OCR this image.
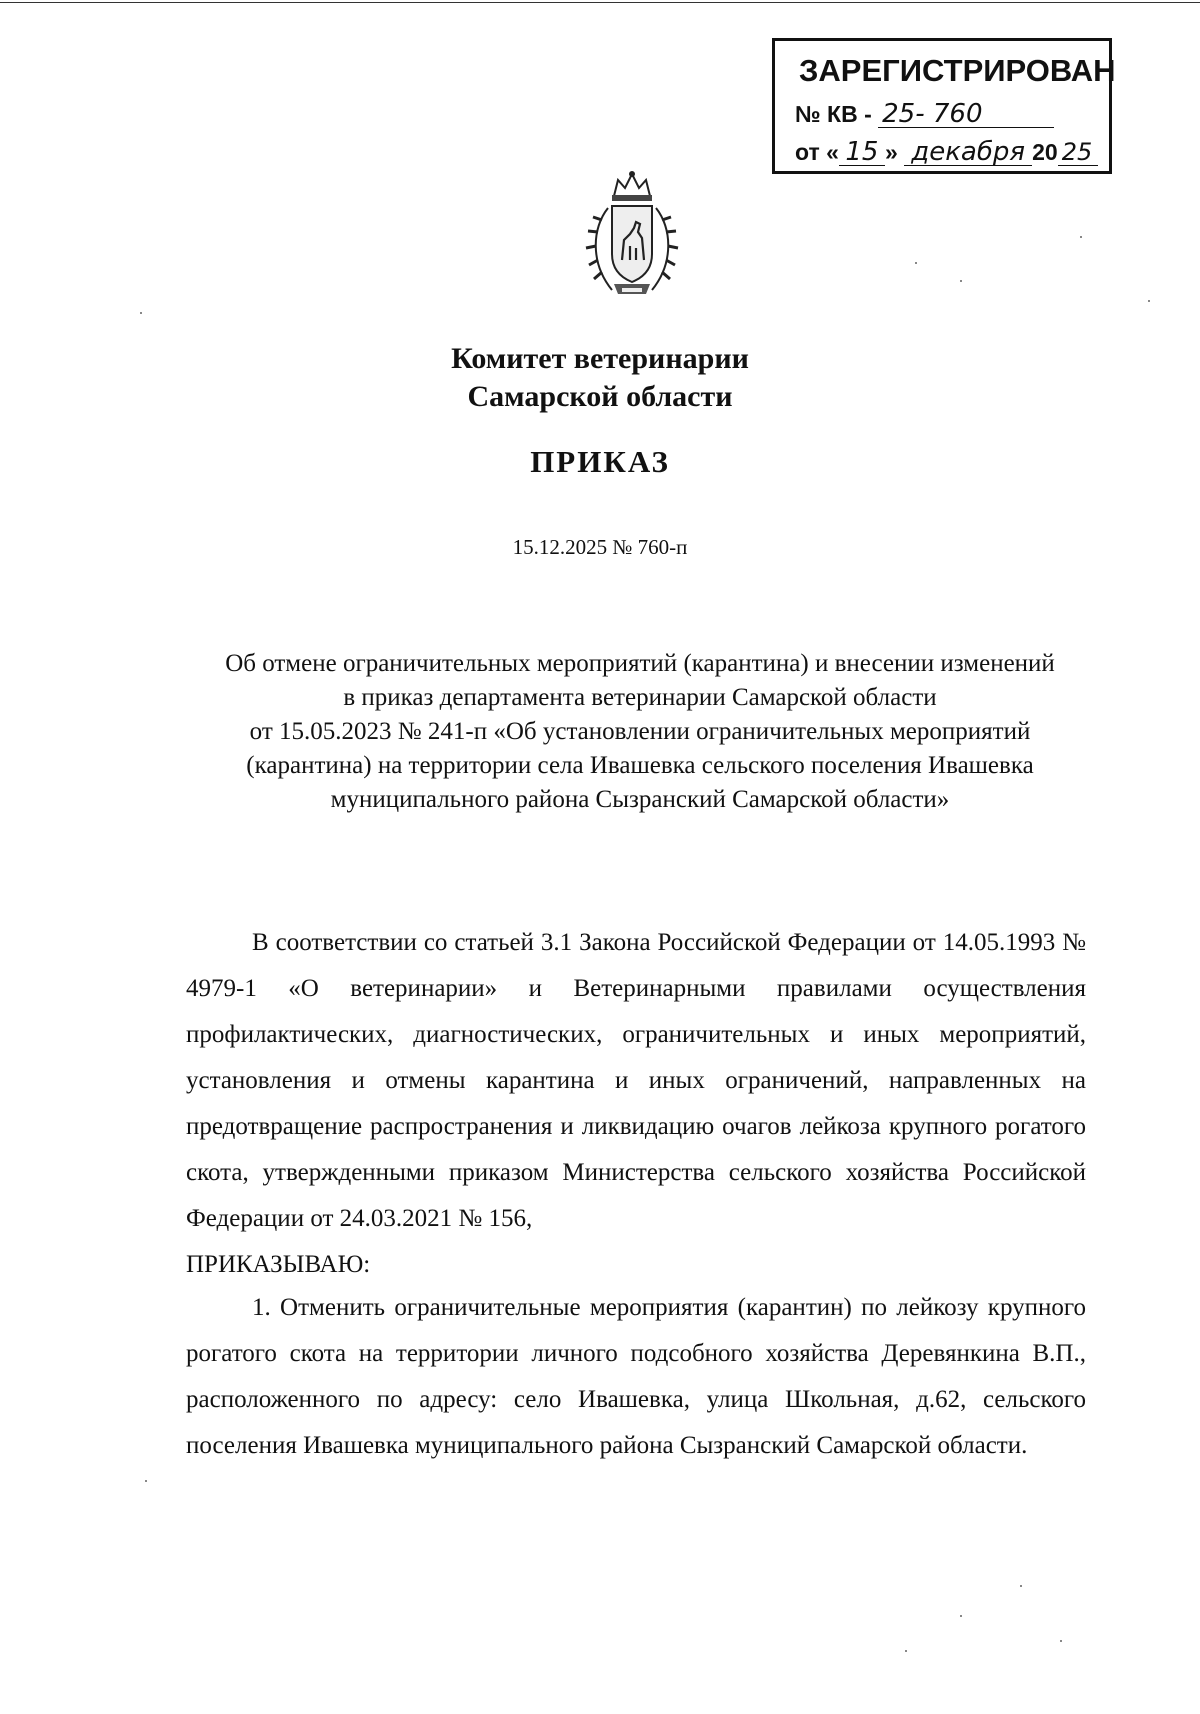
ЗАРЕГИСТРИРОВАН
№ КВ - 25- 760
от « 15 » декабря 20 25
Комитет ветеринарии
Самарской области
ПРИКАЗ
15.12.2025 № 760-п
Об отмене ограничительных мероприятий (карантина) и внесении изменений
в приказ департамента ветеринарии Самарской области
от 15.05.2023 № 241-п «Об установлении ограничительных мероприятий
(карантина) на территории села Ивашевка сельского поселения Ивашевка
муниципального района Сызранский Самарской области»
В соответствии со статьей 3.1 Закона Российской Федерации от 14.05.1993 № 4979-1 «О ветеринарии» и Ветеринарными правилами осуществления профилактических, диагностических, ограничительных и иных мероприятий, установления и отмены карантина и иных ограничений, направленных на предотвращение распространения и ликвидацию очагов лейкоза крупного рогатого скота, утвержденными приказом Министерства сельского хозяйства Российской Федерации от 24.03.2021 № 156,
ПРИКАЗЫВАЮ:
1. Отменить ограничительные мероприятия (карантин) по лейкозу крупного рогатого скота на территории личного подсобного хозяйства Деревянкина В.П., расположенного по адресу: село Ивашевка, улица Школьная, д.62, сельского поселения Ивашевка муниципального района Сызранский Самарской области.
